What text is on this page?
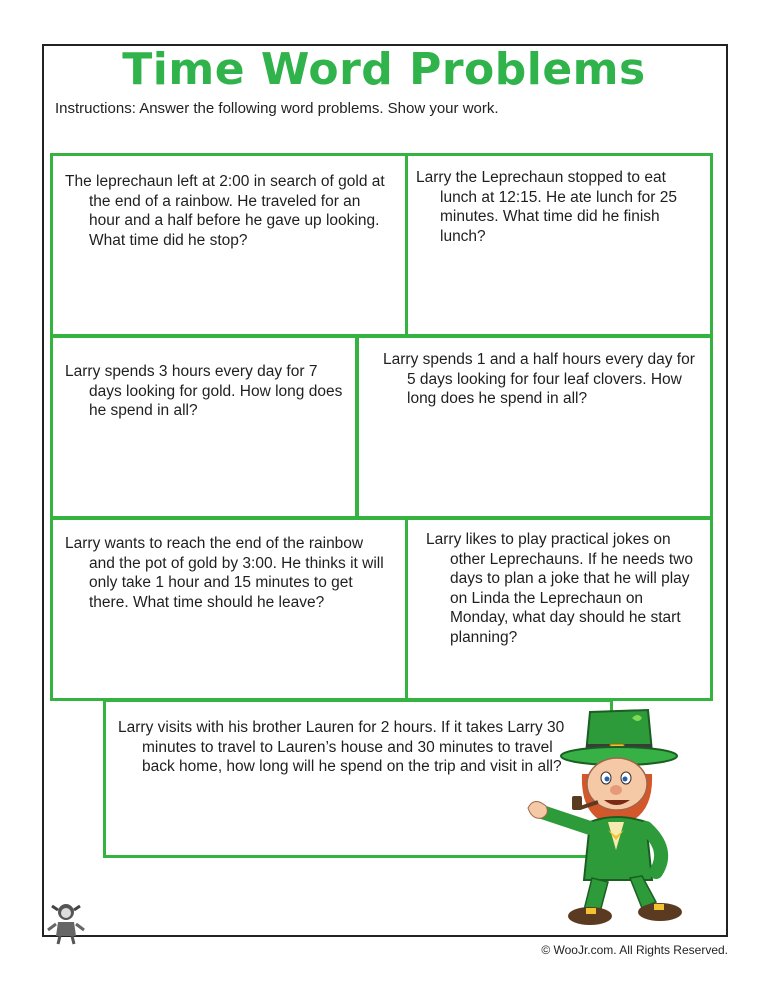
Time Word Problems
Instructions: Answer the following word problems. Show your work.

The leprechaun left at 2:00 in search of gold at the end of a rainbow. He traveled for an hour and a half before he gave up looking. What time did he stop?

Larry the Leprechaun stopped to eat lunch at 12:15. He ate lunch for 25 minutes. What time did he finish lunch?

Larry spends 3 hours every day for 7 days looking for gold. How long does he spend in all?

Larry spends 1 and a half hours every day for 5 days looking for four leaf clovers. How long does he spend in all?

Larry wants to reach the end of the rainbow and the pot of gold by 3:00. He thinks it will only take 1 hour and 15 minutes to get there. What time should he leave?

Larry likes to play practical jokes on other Leprechauns. If he needs two days to plan a joke that he will play on Linda the Leprechaun on Monday, what day should he start planning?

Larry visits with his brother Lauren for 2 hours. If it takes Larry 30 minutes to travel to Lauren’s house and 30 minutes to travel back home, how long will he spend on the trip and visit in all?

© WooJr.com. All Rights Reserved.
